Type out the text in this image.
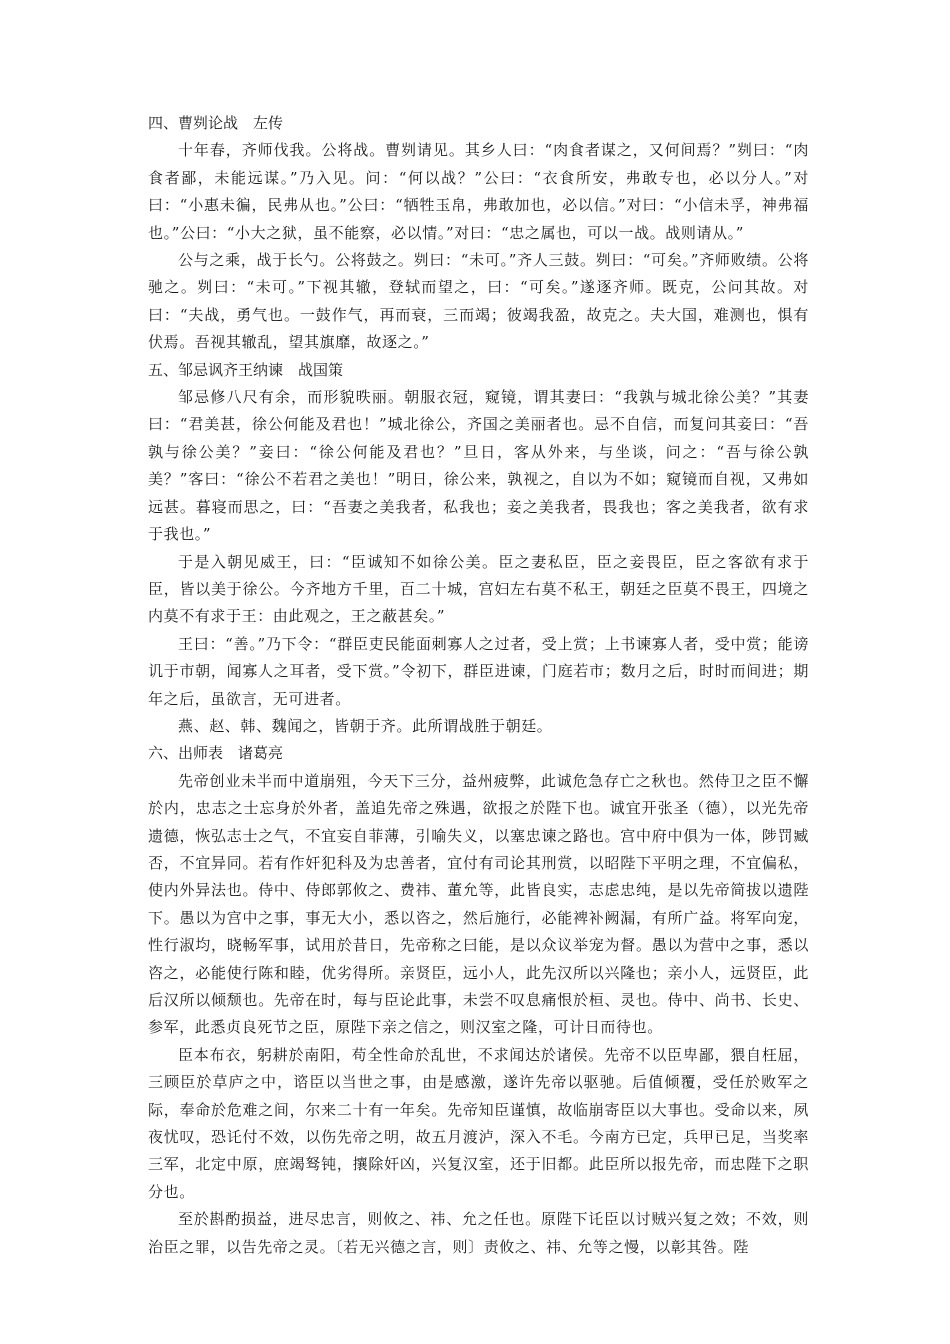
四、曹刿论战　左传

十年春，齐师伐我。公将战。曹刿请见。其乡人曰：“肉食者谋之，又何间焉？”刿曰：“肉食者鄙，未能远谋。”乃入见。问：“何以战？”公曰：“衣食所安，弗敢专也，必以分人。”对曰：“小惠未徧，民弗从也。”公曰：“牺牲玉帛，弗敢加也，必以信。”对曰：“小信未孚，神弗福也。”公曰：“小大之狱，虽不能察，必以情。”对曰：“忠之属也，可以一战。战则请从。”

公与之乘，战于长勺。公将鼓之。刿曰：“未可。”齐人三鼓。刿曰：“可矣。”齐师败绩。公将驰之。刿曰：“未可。”下视其辙，登轼而望之，曰：“可矣。”遂逐齐师。既克，公问其故。对曰：“夫战，勇气也。一鼓作气，再而衰，三而竭；彼竭我盈，故克之。夫大国，难测也，惧有伏焉。吾视其辙乱，望其旗靡，故逐之。”

五、邹忌讽齐王纳谏　战国策

邹忌修八尺有余，而形貌昳丽。朝服衣冠，窥镜，谓其妻曰：“我孰与城北徐公美？”其妻曰：“君美甚，徐公何能及君也！”城北徐公，齐国之美丽者也。忌不自信，而复问其妾曰：“吾孰与徐公美？”妾曰：“徐公何能及君也？”旦日，客从外来，与坐谈，问之：“吾与徐公孰美？”客曰：“徐公不若君之美也！”明日，徐公来，孰视之，自以为不如；窥镜而自视，又弗如远甚。暮寝而思之，曰：“吾妻之美我者，私我也；妾之美我者，畏我也；客之美我者，欲有求于我也。”

于是入朝见威王，曰：“臣诚知不如徐公美。臣之妻私臣，臣之妾畏臣，臣之客欲有求于臣，皆以美于徐公。今齐地方千里，百二十城，宫妇左右莫不私王，朝廷之臣莫不畏王，四境之内莫不有求于王：由此观之，王之蔽甚矣。”

王曰：“善。”乃下令：“群臣吏民能面刺寡人之过者，受上赏；上书谏寡人者，受中赏；能谤讥于市朝，闻寡人之耳者，受下赏。”令初下，群臣进谏，门庭若市；数月之后，时时而间进；期年之后，虽欲言，无可进者。

燕、赵、韩、魏闻之，皆朝于齐。此所谓战胜于朝廷。

六、出师表　诸葛亮

先帝创业未半而中道崩殂，今天下三分，益州疲弊，此诚危急存亡之秋也。然侍卫之臣不懈於内，忠志之士忘身於外者，盖追先帝之殊遇，欲报之於陛下也。诚宜开张圣（德），以光先帝遗德，恢弘志士之气，不宜妄自菲薄，引喻失义，以塞忠谏之路也。宫中府中俱为一体，陟罚臧否，不宜异同。若有作奸犯科及为忠善者，宜付有司论其刑赏，以昭陛下平明之理，不宜偏私，使内外异法也。侍中、侍郎郭攸之、费祎、董允等，此皆良实，志虑忠纯，是以先帝简拔以遗陛下。愚以为宫中之事，事无大小，悉以咨之，然后施行，必能裨补阙漏，有所广益。将军向宠，性行淑均，晓畅军事，试用於昔日，先帝称之曰能，是以众议举宠为督。愚以为营中之事，悉以咨之，必能使行陈和睦，优劣得所。亲贤臣，远小人，此先汉所以兴隆也；亲小人，远贤臣，此后汉所以倾颓也。先帝在时，每与臣论此事，未尝不叹息痛恨於桓、灵也。侍中、尚书、长史、参军，此悉贞良死节之臣，原陛下亲之信之，则汉室之隆，可计日而待也。

臣本布衣，躬耕於南阳，苟全性命於乱世，不求闻达於诸侯。先帝不以臣卑鄙，猥自枉屈，三顾臣於草庐之中，谘臣以当世之事，由是感激，遂许先帝以驱驰。后值倾覆，受任於败军之际，奉命於危难之间，尔来二十有一年矣。先帝知臣谨慎，故临崩寄臣以大事也。受命以来，夙夜忧叹，恐讬付不效，以伤先帝之明，故五月渡泸，深入不毛。今南方已定，兵甲已足，当奖率三军，北定中原，庶竭驽钝，攘除奸凶，兴复汉室，还于旧都。此臣所以报先帝，而忠陛下之职分也。

至於斟酌损益，进尽忠言，则攸之、祎、允之任也。原陛下讬臣以讨贼兴复之效；不效，则治臣之罪，以告先帝之灵。〔若无兴德之言，则〕责攸之、祎、允等之慢，以彰其咎。陛
